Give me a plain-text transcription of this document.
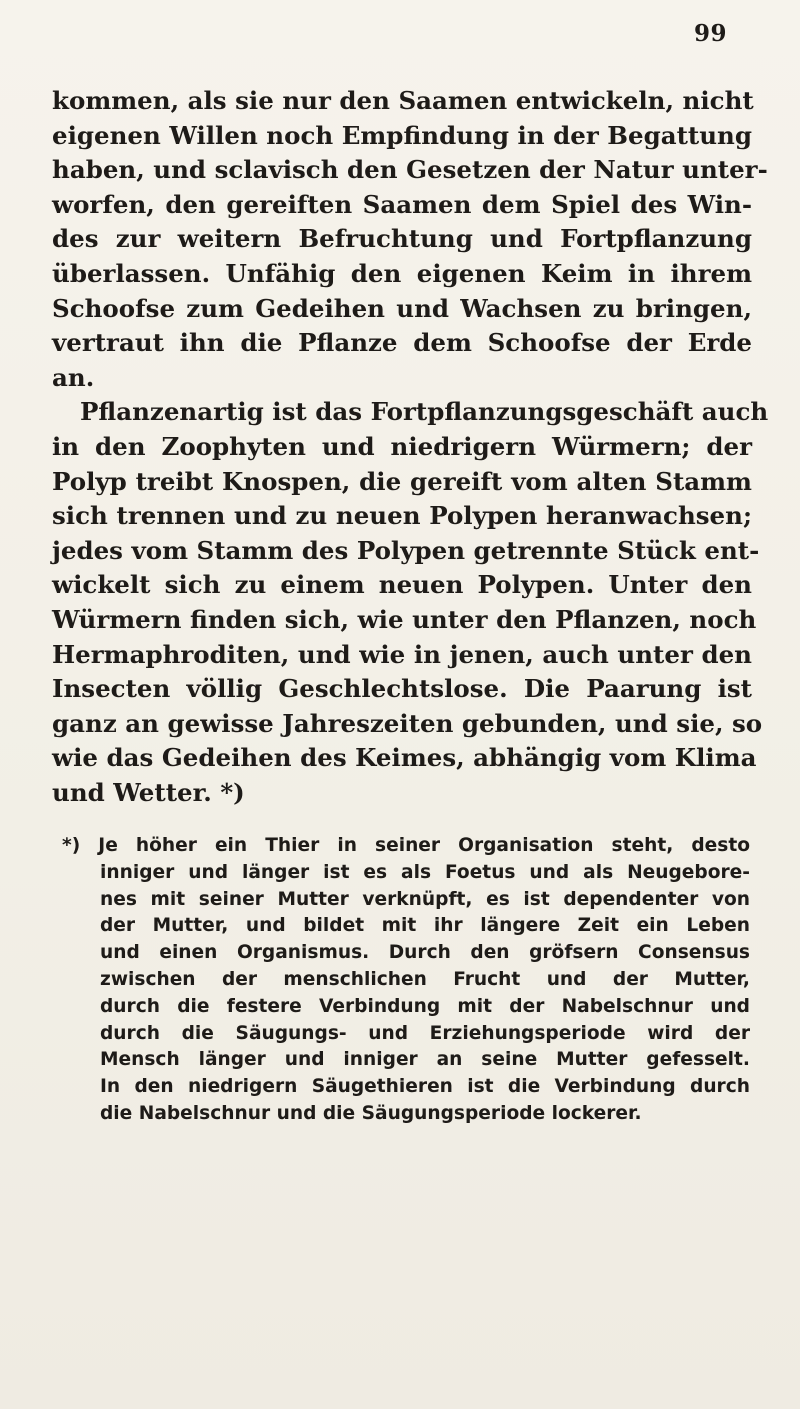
99

kommen, als sie nur den Saamen entwickeln, nicht
eigenen Willen noch Empfindung in der Begattung
haben, und sclavisch den Gesetzen der Natur unter-
worfen, den gereiften Saamen dem Spiel des Win-
des zur weitern Befruchtung und Fortpflanzung
überlassen. Unfähig den eigenen Keim in ihrem
Schoofse zum Gedeihen und Wachsen zu bringen,
vertraut ihn die Pflanze dem Schoofse der Erde
an.
Pflanzenartig ist das Fortpflanzungsgeschäft auch
in den Zoophyten und niedrigern Würmern; der
Polyp treibt Knospen, die gereift vom alten Stamm
sich trennen und zu neuen Polypen heranwachsen;
jedes vom Stamm des Polypen getrennte Stück ent-
wickelt sich zu einem neuen Polypen. Unter den
Würmern finden sich, wie unter den Pflanzen, noch
Hermaphroditen, und wie in jenen, auch unter den
Insecten völlig Geschlechtslose. Die Paarung ist
ganz an gewisse Jahreszeiten gebunden, und sie, so
wie das Gedeihen des Keimes, abhängig vom Klima
und Wetter. *)

*) Je höher ein Thier in seiner Organisation steht, desto
inniger und länger ist es als Foetus und als Neugebore-
nes mit seiner Mutter verknüpft, es ist dependenter von
der Mutter, und bildet mit ihr längere Zeit ein Leben
und einen Organismus. Durch den gröfsern Consensus
zwischen der menschlichen Frucht und der Mutter,
durch die festere Verbindung mit der Nabelschnur und
durch die Säugungs- und Erziehungsperiode wird der
Mensch länger und inniger an seine Mutter gefesselt.
In den niedrigern Säugethieren ist die Verbindung durch
die Nabelschnur und die Säugungsperiode lockerer.
